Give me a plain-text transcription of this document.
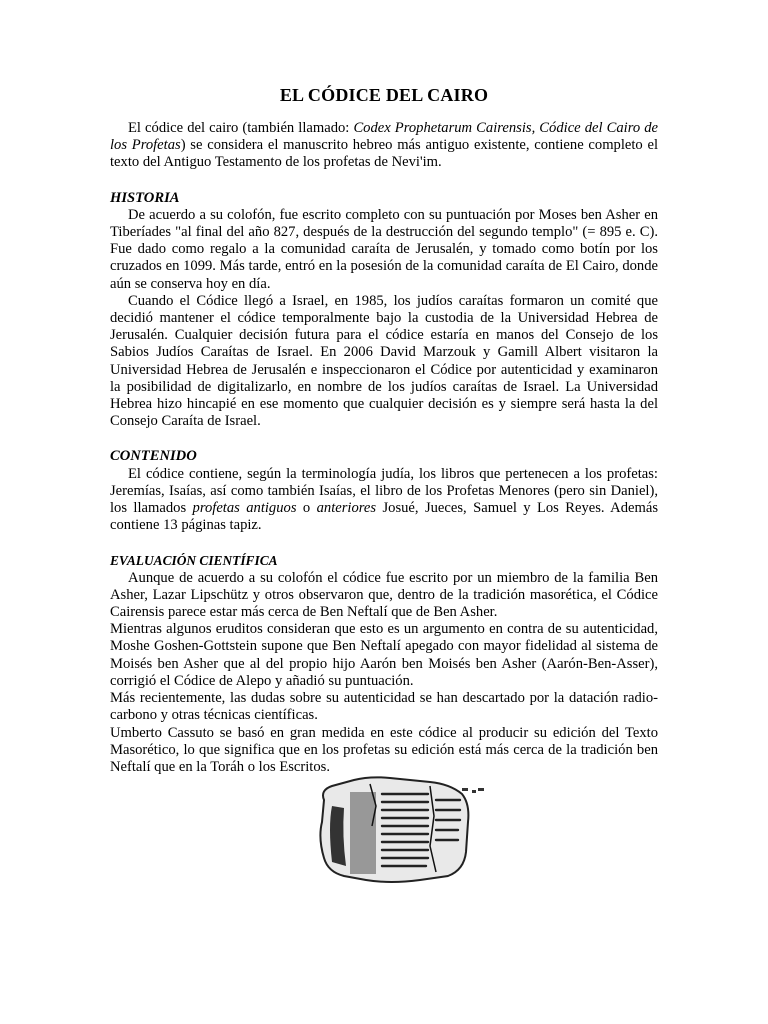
EL CÓDICE DEL CAIRO

El códice del cairo (también llamado: Codex Prophetarum Cairensis, Códice del Cairo de los Profetas) se considera el manuscrito hebreo más antiguo existente, contiene completo el texto del Antiguo Testamento de los profetas de Nevi'im.

HISTORIA

De acuerdo a su colofón, fue escrito completo con su puntuación por Moses ben Asher en Tiberíades "al final del año 827, después de la destrucción del segundo templo" (= 895 e. C). Fue dado como regalo a la comunidad caraíta de Jerusalén, y tomado como botín por los cruzados en 1099. Más tarde, entró en la posesión de la comunidad caraíta de El Cairo, donde aún se conserva hoy en día.

Cuando el Códice llegó a Israel, en 1985, los judíos caraítas formaron un comité que decidió mantener el códice temporalmente bajo la custodia de la Universidad Hebrea de Jerusalén. Cualquier decisión futura para el códice estaría en manos del Consejo de los Sabios Judíos Caraítas de Israel. En 2006 David Marzouk y Gamill Albert visitaron la Universidad Hebrea de Jerusalén e inspeccionaron el Códice por autenticidad y examinaron la posibilidad de digitalizarlo, en nombre de los judíos caraítas de Israel. La Universidad Hebrea hizo hincapié en ese momento que cualquier decisión es y siempre será hasta la del Consejo Caraíta de Israel.

CONTENIDO

El códice contiene, según la terminología judía, los libros que pertenecen a los profetas: Jeremías, Isaías, así como también Isaías, el libro de los Profetas Menores (pero sin Daniel), los llamados profetas antiguos o anteriores Josué, Jueces, Samuel y Los Reyes. Además contiene 13 páginas tapiz.

EVALUACIÓN CIENTÍFICA

Aunque de acuerdo a su colofón el códice fue escrito por un miembro de la familia Ben Asher, Lazar Lipschütz y otros observaron que, dentro de la tradición masorética, el Códice Cairensis parece estar más cerca de Ben Neftalí que de Ben Asher.

Mientras algunos eruditos consideran que esto es un argumento en contra de su autenticidad, Moshe Goshen-Gottstein supone que Ben Neftalí apegado con mayor fidelidad al sistema de Moisés ben Asher que al del propio hijo Aarón ben Moisés ben Asher (Aarón-Ben-Asser), corrigió el Códice de Alepo y añadió su puntuación.

Más recientemente, las dudas sobre su autenticidad se han descartado por la datación radio-carbono y otras técnicas científicas.

Umberto Cassuto se basó en gran medida en este códice al producir su edición del Texto Masorético, lo que significa que en los profetas su edición está más cerca de la tradición ben Neftalí que en la Toráh o los Escritos.
